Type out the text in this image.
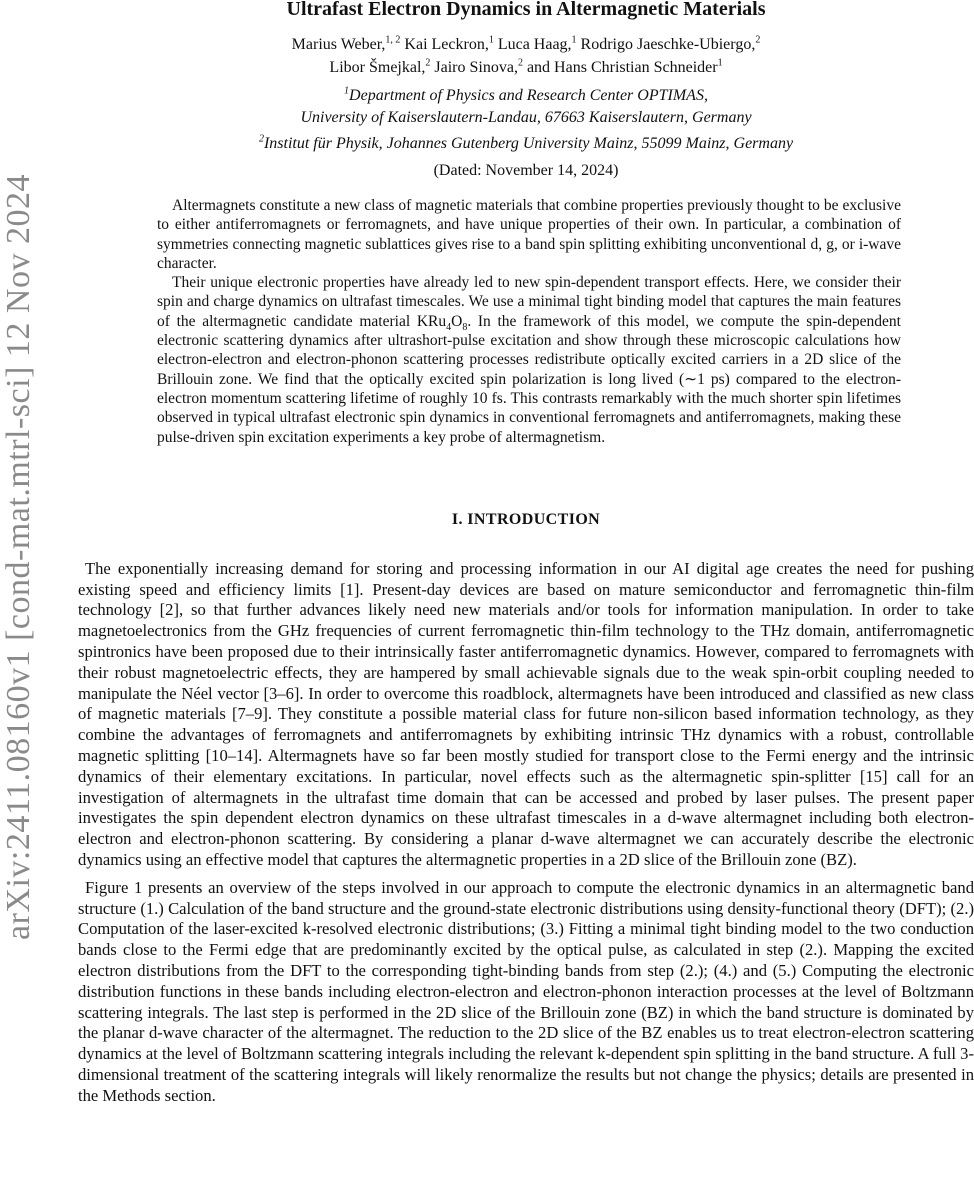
arXiv:2411.08160v1 [cond-mat.mtrl-sci] 12 Nov 2024
Ultrafast Electron Dynamics in Altermagnetic Materials
Marius Weber,$^{1, 2}$ Kai Leckron,$^1$ Luca Haag,$^1$ Rodrigo Jaeschke-Ubiergo,$^2$
Libor Šmejkal,$^2$ Jairo Sinova,$^2$ and Hans Christian Schneider$^1$
$^1$Department of Physics and Research Center OPTIMAS,
University of Kaiserslautern-Landau, 67663 Kaiserslautern, Germany
$^2$Institut für Physik, Johannes Gutenberg University Mainz, 55099 Mainz, Germany
(Dated: November 14, 2024)

Altermagnets constitute a new class of magnetic materials that combine properties previously thought to be exclusive to either antiferromagnets or ferromagnets, and have unique properties of their own. In particular, a combination of symmetries connecting magnetic sublattices gives rise to a band spin splitting exhibiting unconventional d, g, or i-wave character.

Their unique electronic properties have already led to new spin-dependent transport effects. Here, we consider their spin and charge dynamics on ultrafast timescales. We use a minimal tight binding model that captures the main features of the altermagnetic candidate material $KRu_4O_8$. In the framework of this model, we compute the spin-dependent electronic scattering dynamics after ultrashort-pulse excitation and show through these microscopic calculations how electron-electron and electron-phonon scattering processes redistribute optically excited carriers in a 2D slice of the Brillouin zone. We find that the optically excited spin polarization is long lived (∼1 ps) compared to the electron-electron momentum scattering lifetime of roughly 10 fs. This contrasts remarkably with the much shorter spin lifetimes observed in typical ultrafast electronic spin dynamics in conventional ferromagnets and antiferromagnets, making these pulse-driven spin excitation experiments a key probe of altermagnetism.

I. INTRODUCTION

The exponentially increasing demand for storing and processing information in our AI digital age creates the need for pushing existing speed and efficiency limits [1]. Present-day devices are based on mature semiconductor and ferromagnetic thin-film technology [2], so that further advances likely need new materials and/or tools for information manipulation. In order to take magnetoelectronics from the GHz frequencies of current ferromagnetic thin-film technology to the THz domain, antiferromagnetic spintronics have been proposed due to their intrinsically faster antiferromagnetic dynamics. However, compared to ferromagnets with their robust magnetoelectric effects, they are hampered by small achievable signals due to the weak spin-orbit coupling needed to manipulate the Néel vector [3–6]. In order to overcome this roadblock, altermagnets have been introduced and classified as new class of magnetic materials [7–9]. They constitute a possible material class for future non-silicon based information technology, as they combine the advantages of ferromagnets and antiferromagnets by exhibiting intrinsic THz dynamics with a robust, controllable magnetic splitting [10–14]. Altermagnets have so far been mostly studied for transport close to the Fermi energy and the intrinsic dynamics of their elementary excitations. In particular, novel effects such as the altermagnetic spin-splitter [15] call for an investigation of altermagnets in the ultrafast time domain that can be accessed and probed by laser pulses. The present paper investigates the spin dependent electron dynamics on these ultrafast timescales in a d-wave altermagnet including both electron-electron and electron-phonon scattering. By considering a planar d-wave altermagnet we can accurately describe the electronic dynamics using an effective model that captures the altermagnetic properties in a 2D slice of the Brillouin zone (BZ).

Figure 1 presents an overview of the steps involved in our approach to compute the electronic dynamics in an altermagnetic band structure (1.) Calculation of the band structure and the ground-state electronic distributions using density-functional theory (DFT); (2.) Computation of the laser-excited k-resolved electronic distributions; (3.) Fitting a minimal tight binding model to the two conduction bands close to the Fermi edge that are predominantly excited by the optical pulse, as calculated in step (2.). Mapping the excited electron distributions from the DFT to the corresponding tight-binding bands from step (2.); (4.) and (5.) Computing the electronic distribution functions in these bands including electron-electron and electron-phonon interaction processes at the level of Boltzmann scattering integrals. The last step is performed in the 2D slice of the Brillouin zone (BZ) in which the band structure is dominated by the planar d-wave character of the altermagnet. The reduction to the 2D slice of the BZ enables us to treat electron-electron scattering dynamics at the level of Boltzmann scattering integrals including the relevant k-dependent spin splitting in the band structure. A full 3-dimensional treatment of the scattering integrals will likely renormalize the results but not change the physics; details are presented in the Methods section.
